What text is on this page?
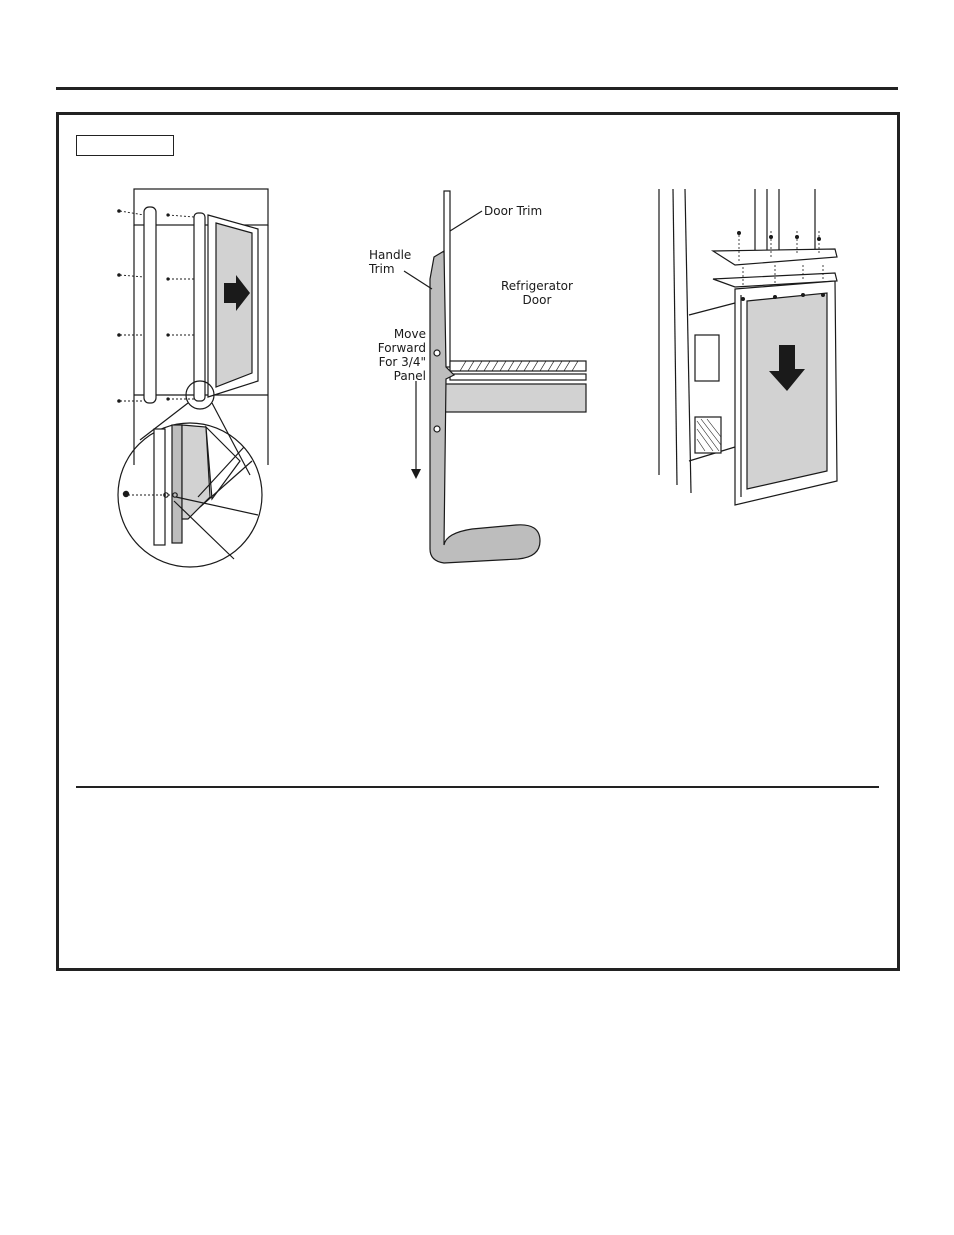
Door Trim
Handle
Trim
Refrigerator
Door
Move
Forward
For 3/4"
Panel
